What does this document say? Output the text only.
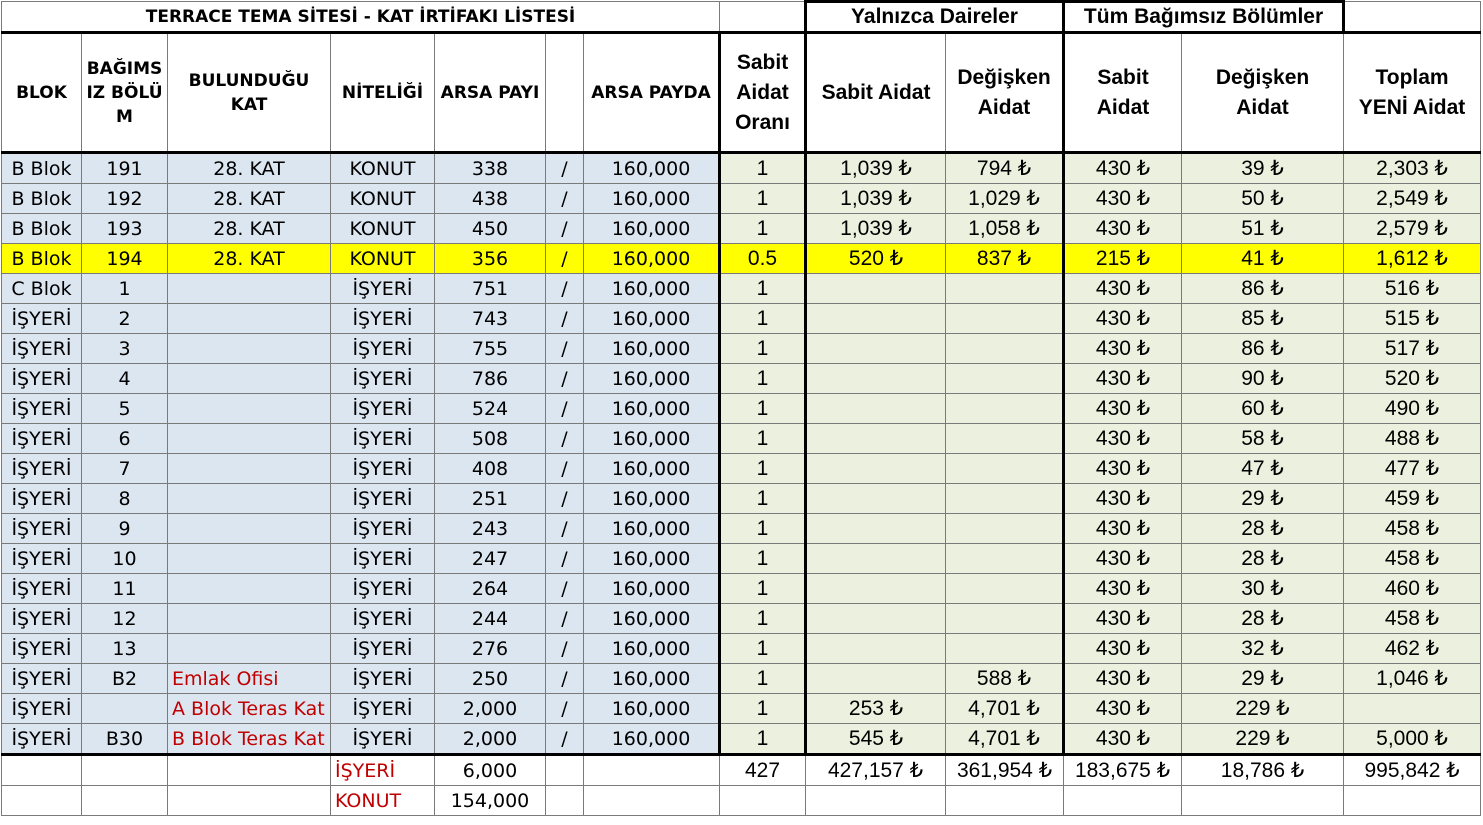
TERRACE TEMA SİTESİ - KAT İRTİFAKI LİSTESİ								Yalnızca Daireler		Tüm Bağımsız Bölümler		
BLOK	BAĞIMSIZ BÖLÜM	BULUNDUĞU KAT	NİTELİĞİ	ARSA PAYI		ARSA PAYDA	Sabit Aidat Oranı	Sabit Aidat	Değişken Aidat	Sabit Aidat	Değişken Aidat	Toplam YENİ Aidat
B Blok	191	28. KAT	KONUT	338	/	160,000	1	1,039 ₺	794 ₺	430 ₺	39 ₺	2,303 ₺
B Blok	192	28. KAT	KONUT	438	/	160,000	1	1,039 ₺	1,029 ₺	430 ₺	50 ₺	2,549 ₺
B Blok	193	28. KAT	KONUT	450	/	160,000	1	1,039 ₺	1,058 ₺	430 ₺	51 ₺	2,579 ₺
B Blok	194	28. KAT	KONUT	356	/	160,000	0.5	520 ₺	837 ₺	215 ₺	41 ₺	1,612 ₺
C Blok	1		İŞYERİ	751	/	160,000	1			430 ₺	86 ₺	516 ₺
İŞYERİ	2		İŞYERİ	743	/	160,000	1			430 ₺	85 ₺	515 ₺
İŞYERİ	3		İŞYERİ	755	/	160,000	1			430 ₺	86 ₺	517 ₺
İŞYERİ	4		İŞYERİ	786	/	160,000	1			430 ₺	90 ₺	520 ₺
İŞYERİ	5		İŞYERİ	524	/	160,000	1			430 ₺	60 ₺	490 ₺
İŞYERİ	6		İŞYERİ	508	/	160,000	1			430 ₺	58 ₺	488 ₺
İŞYERİ	7		İŞYERİ	408	/	160,000	1			430 ₺	47 ₺	477 ₺
İŞYERİ	8		İŞYERİ	251	/	160,000	1			430 ₺	29 ₺	459 ₺
İŞYERİ	9		İŞYERİ	243	/	160,000	1			430 ₺	28 ₺	458 ₺
İŞYERİ	10		İŞYERİ	247	/	160,000	1			430 ₺	28 ₺	458 ₺
İŞYERİ	11		İŞYERİ	264	/	160,000	1			430 ₺	30 ₺	460 ₺
İŞYERİ	12		İŞYERİ	244	/	160,000	1			430 ₺	28 ₺	458 ₺
İŞYERİ	13		İŞYERİ	276	/	160,000	1			430 ₺	32 ₺	462 ₺
İŞYERİ	B2	Emlak Ofisi	İŞYERİ	250	/	160,000	1		588 ₺	430 ₺	29 ₺	1,046 ₺
İŞYERİ		A Blok Teras Kat	İŞYERİ	2,000	/	160,000	1	253 ₺	4,701 ₺	430 ₺	229 ₺	
İŞYERİ	B30	B Blok Teras Kat	İŞYERİ	2,000	/	160,000	1	545 ₺	4,701 ₺	430 ₺	229 ₺	5,000 ₺
			İŞYERİ	6,000			427	427,157 ₺	361,954 ₺	183,675 ₺	18,786 ₺	995,842 ₺
			KONUT	154,000								
